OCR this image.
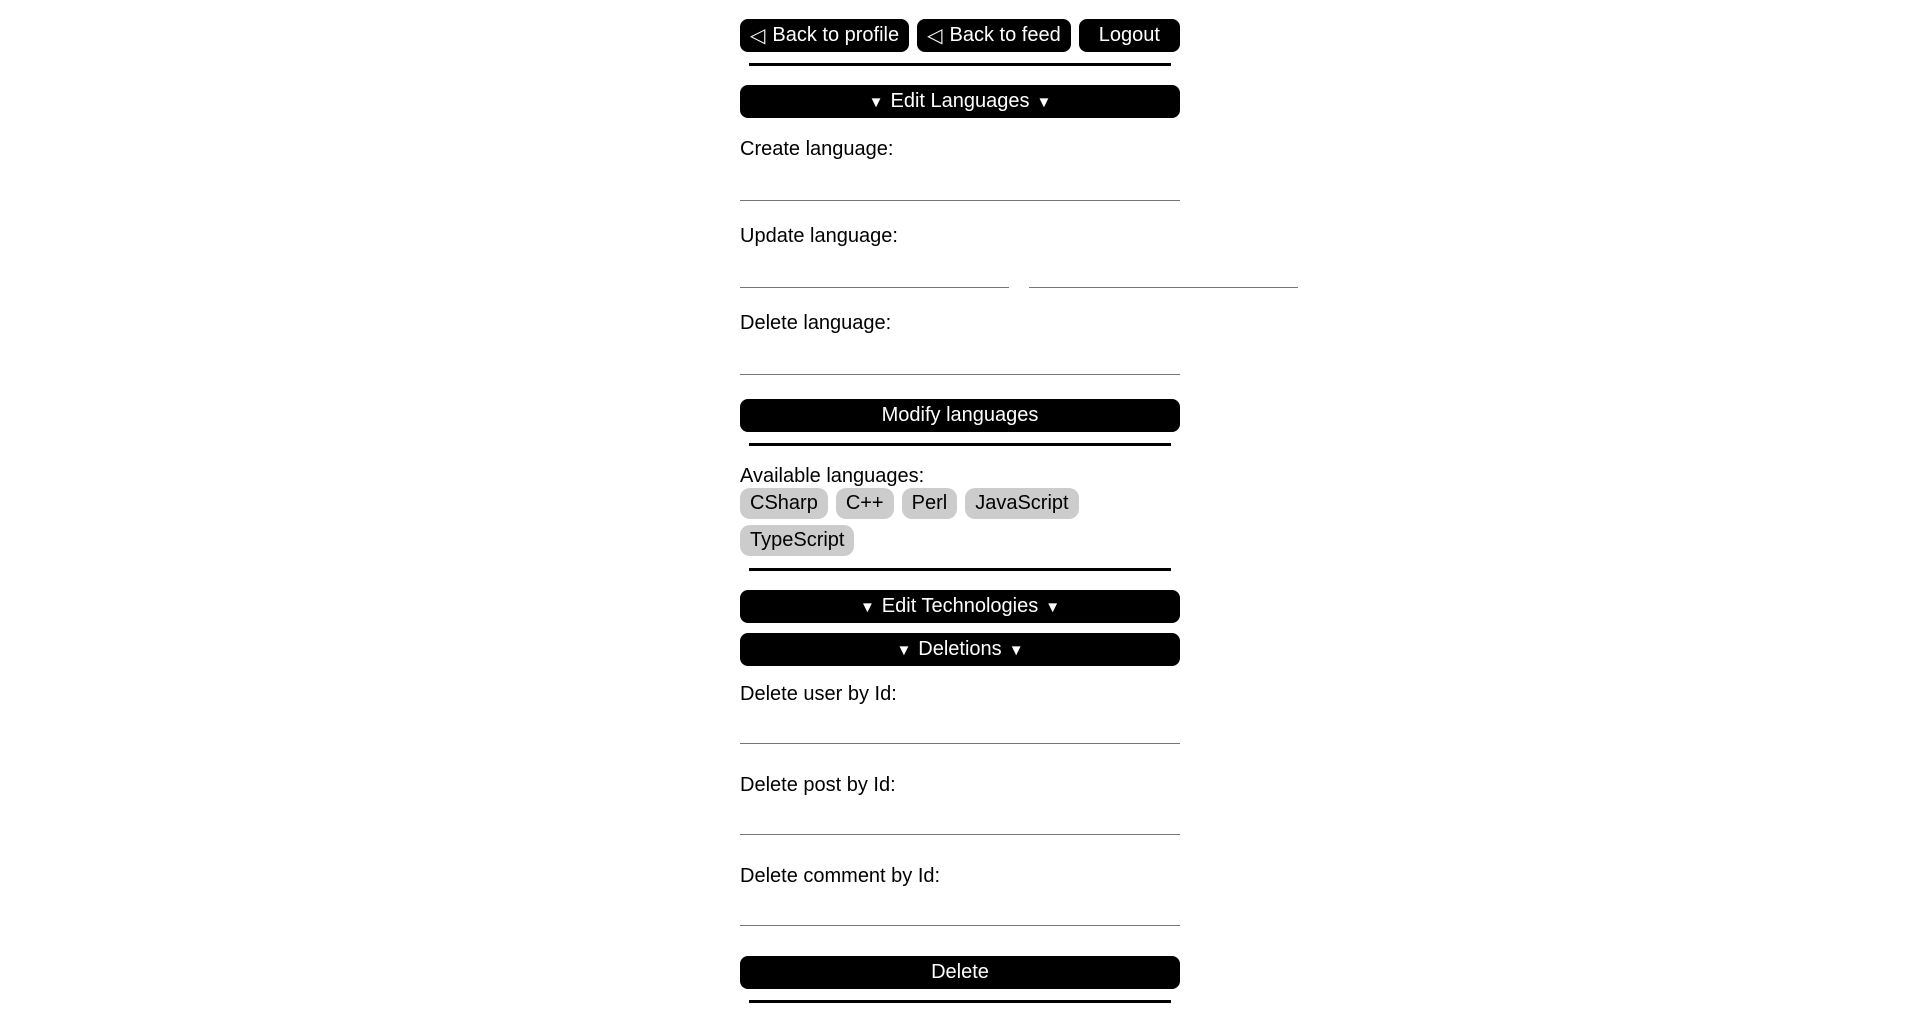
◁ Back to profile ◁ Back to feed Logout
▼ Edit Languages ▼
Create language:
Update language:
Delete language:
Modify languages
Available languages:
CSharp	C++	Perl	JavaScript
TypeScript
▼ Edit Technologies ▼
▼ Deletions ▼
Delete user by Id:
Delete post by Id:
Delete comment by Id:
Delete
